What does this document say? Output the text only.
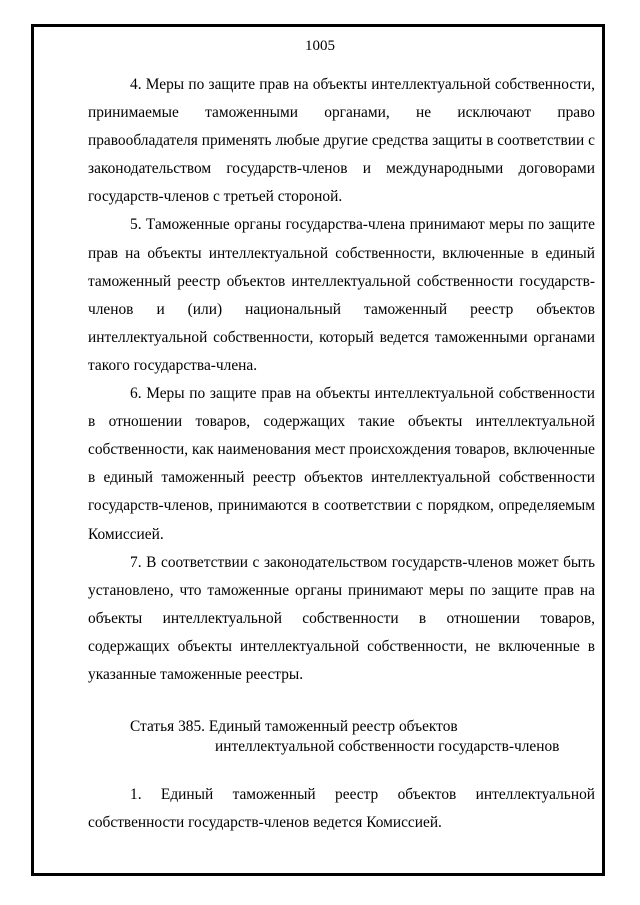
1005

4. Меры по защите прав на объекты интеллектуальной собственности, принимаемые таможенными органами, не исключают право правообладателя применять любые другие средства защиты в соответствии с законодательством государств-членов и международными договорами государств-членов с третьей стороной.

5. Таможенные органы государства-члена принимают меры по защите прав на объекты интеллектуальной собственности, включенные в единый таможенный реестр объектов интеллектуальной собственности государств-членов и (или) национальный таможенный реестр объектов интеллектуальной собственности, который ведется таможенными органами такого государства-члена.

6. Меры по защите прав на объекты интеллектуальной собственности в отношении товаров, содержащих такие объекты интеллектуальной собственности, как наименования мест происхождения товаров, включенные в единый таможенный реестр объектов интеллектуальной собственности государств-членов, принимаются в соответствии с порядком, определяемым Комиссией.

7. В соответствии с законодательством государств-членов может быть установлено, что таможенные органы принимают меры по защите прав на объекты интеллектуальной собственности в отношении товаров, содержащих объекты интеллектуальной собственности, не включенные в указанные таможенные реестры.

Статья 385. Единый таможенный реестр объектов
интеллектуальной собственности государств-членов

1. Единый таможенный реестр объектов интеллектуальной собственности государств-членов ведется Комиссией.
